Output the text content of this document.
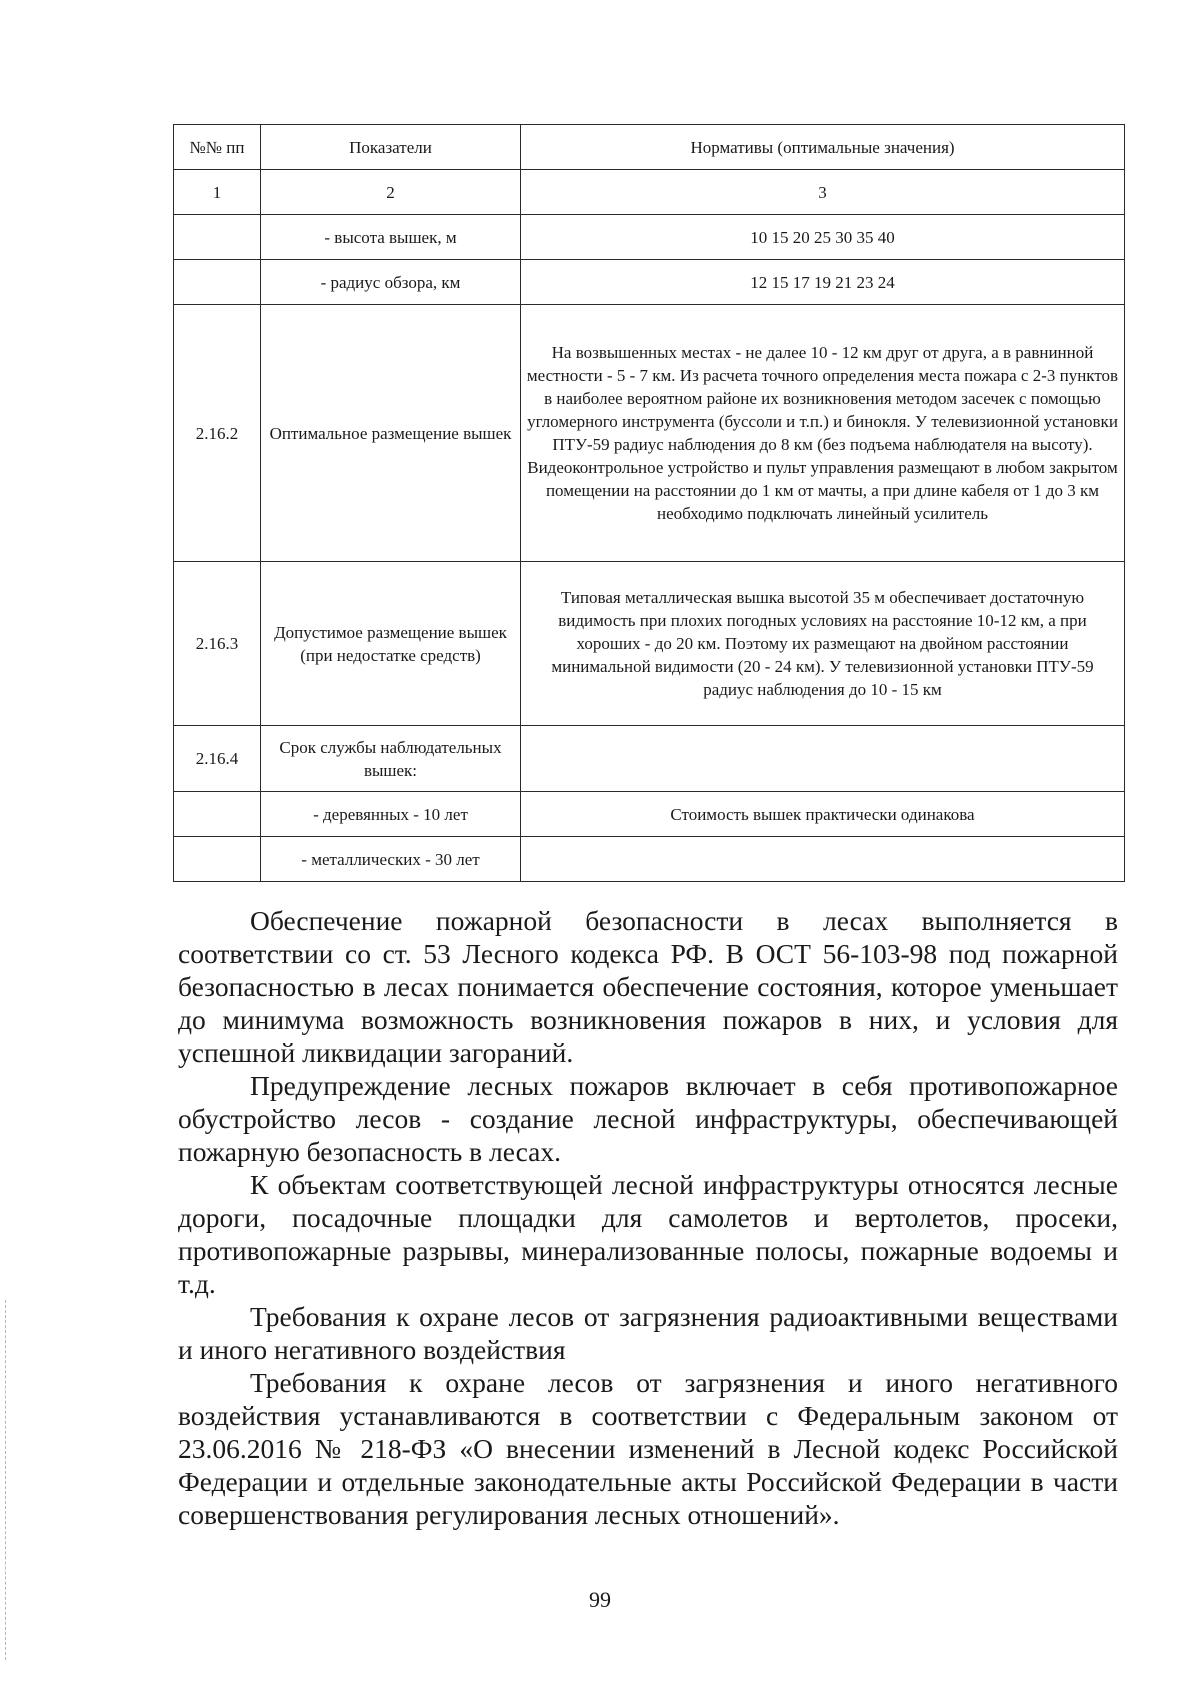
№№ пп	Показатели	Нормативы (оптимальные значения)
1	2	3
	- высота вышек, м	10 15 20 25 30 35 40
	- радиус обзора, км	12 15 17 19 21 23 24
2.16.2	Оптимальное размещение вышек	На возвышенных местах - не далее 10 - 12 км друг от друга, а в равнинной местности - 5 - 7 км. Из расчета точного определения места пожара с 2-3 пунктов в наиболее вероятном районе их возникновения методом засечек с помощью угломерного инструмента (буссоли и т.п.) и бинокля. У телевизионной установки ПТУ-59 радиус наблюдения до 8 км (без подъема наблюдателя на высоту). Видеоконтрольное устройство и пульт управления размещают в любом закрытом помещении на расстоянии до 1 км от мачты, а при длине кабеля от 1 до 3 км необходимо подключать линейный усилитель
2.16.3	Допустимое размещение вышек (при недостатке средств)	Типовая металлическая вышка высотой 35 м обеспечивает достаточную видимость при плохих погодных условиях на расстояние 10-12 км, а при хороших - до 20 км. Поэтому их размещают на двойном расстоянии минимальной видимости (20 - 24 км). У телевизионной установки ПТУ-59 радиус наблюдения до 10 - 15 км
2.16.4	Срок службы наблюдательных вышек:	
	- деревянных - 10 лет	Стоимость вышек практически одинакова
	- металлических - 30 лет	

Обеспечение пожарной безопасности в лесах выполняется в соответствии со ст. 53 Лесного кодекса РФ. В ОСТ 56-103-98 под пожарной безопасностью в лесах понимается обеспечение состояния, которое уменьшает до минимума возможность возникновения пожаров в них, и условия для успешной ликвидации загораний.

Предупреждение лесных пожаров включает в себя противопожарное обустройство лесов - создание лесной инфраструктуры, обеспечивающей пожарную безопасность в лесах.

К объектам соответствующей лесной инфраструктуры относятся лесные дороги, посадочные площадки для самолетов и вертолетов, просеки, противопожарные разрывы, минерализованные полосы, пожарные водоемы и т.д.

Требования к охране лесов от загрязнения радиоактивными веществами и иного негативного воздействия

Требования к охране лесов от загрязнения и иного негативного воздействия устанавливаются в соответствии с Федеральным законом от 23.06.2016 № 218-ФЗ «О внесении изменений в Лесной кодекс Российской Федерации и отдельные законодательные акты Российской Федерации в части совершенствования регулирования лесных отношений».

99
